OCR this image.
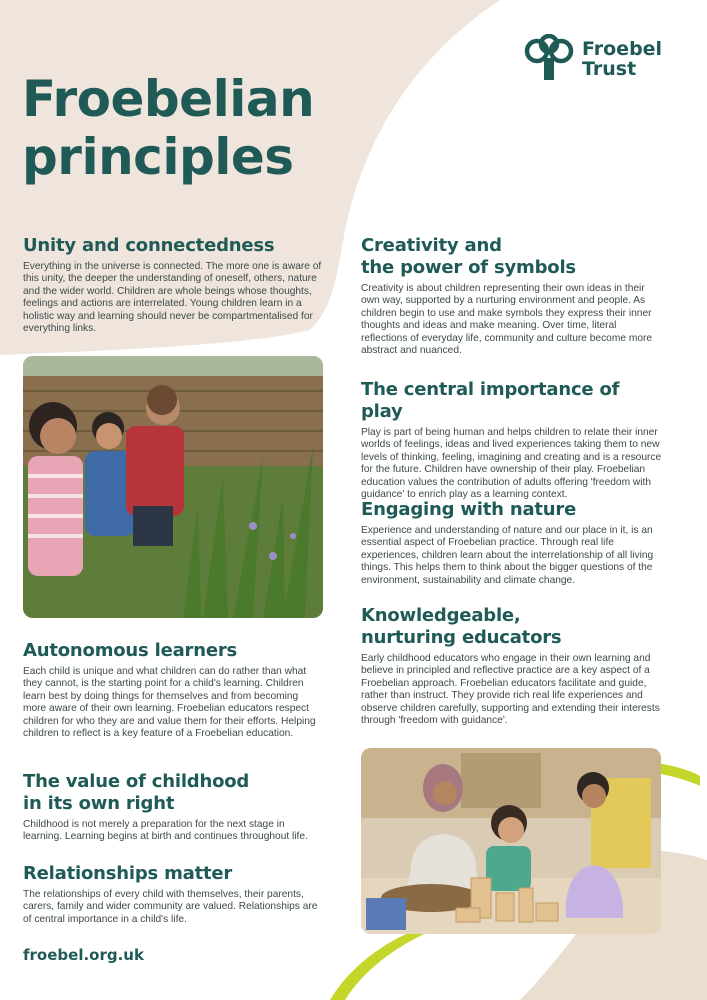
Froebel
Trust
Froebelian
principles
Unity and connectedness

Everything in the universe is connected. The more one is aware of this unity, the deeper the understanding of oneself, others, nature and the wider world. Children are whole beings whose thoughts, feelings and actions are interrelated. Young children learn in a holistic way and learning should never be compartmentalised for everything links.

Autonomous learners

Each child is unique and what children can do rather than what they cannot, is the starting point for a child's learning. Children learn best by doing things for themselves and from becoming more aware of their own learning. Froebelian educators respect children for who they are and value them for their efforts. Helping children to reflect is a key feature of a Froebelian education.

The value of childhood
in its own right

Childhood is not merely a preparation for the next stage in learning. Learning begins at birth and continues throughout life.

Relationships matter

The relationships of every child with themselves, their parents, carers, family and wider community are valued. Relationships are of central importance in a child's life.

froebel.org.uk
Creativity and
the power of symbols

Creativity is about children representing their own ideas in their own way, supported by a nurturing environment and people. As children begin to use and make symbols they express their inner thoughts and ideas and make meaning. Over time, literal reflections of everyday life, community and culture become more abstract and nuanced.

The central importance of play

Play is part of being human and helps children to relate their inner worlds of feelings, ideas and lived experiences taking them to new levels of thinking, feeling, imagining and creating and is a resource for the future. Children have ownership of their play. Froebelian education values the contribution of adults offering 'freedom with guidance' to enrich play as a learning context.

Engaging with nature

Experience and understanding of nature and our place in it, is an essential aspect of Froebelian practice. Through real life experiences, children learn about the interrelationship of all living things. This helps them to think about the bigger questions of the environment, sustainability and climate change.

Knowledgeable,
nurturing educators

Early childhood educators who engage in their own learning and believe in principled and reflective practice are a key aspect of a Froebelian approach. Froebelian educators facilitate and guide, rather than instruct. They provide rich real life experiences and observe children carefully, supporting and extending their interests through 'freedom with guidance'.
